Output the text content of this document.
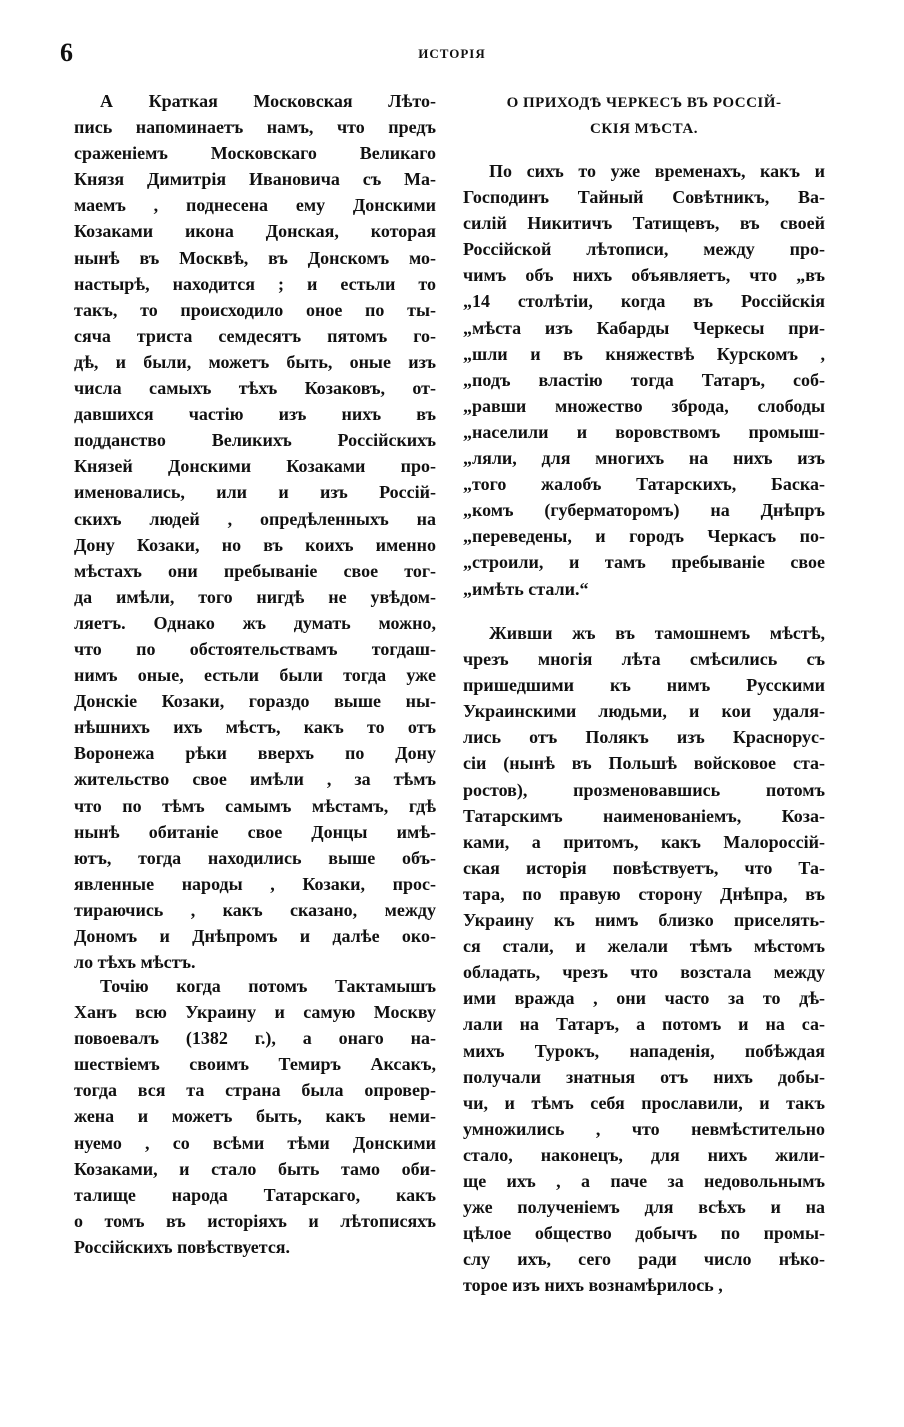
6	ИСТОРІЯ
А Краткая Московская Лѣто-
пись напоминаетъ намъ, что предъ
сраженіемъ Московскаго Великаго
Князя Димитрія Ивановича съ Ма-
маемъ , поднесена ему Донскими
Козаками икона Донская, которая
нынѣ въ Москвѣ, въ Донскомъ мо-
настырѣ, находится ; и естьли то
такъ, то происходило оное по ты-
сяча триста семдесятъ пятомъ го-
дѣ, и были, можетъ быть, оные изъ
числа самыхъ тѣхъ Козаковъ, от-
давшихся частію изъ нихъ въ
подданство Великихъ Россійскихъ
Князей Донскими Козаками про-
именовались, или и изъ Россій-
скихъ людей , опредѣленныхъ на
Дону Козаки, но въ коихъ именно
мѣстахъ они пребываніе свое тог-
да имѣли, того нигдѣ не увѣдом-
ляетъ. Однако жъ думать можно,
что по обстоятельствамъ тогдаш-
нимъ оные, естьли были тогда уже
Донскіе Козаки, гораздо выше ны-
нѣшнихъ ихъ мѣстъ, какъ то отъ
Воронежа рѣки вверхъ по Дону
жительство свое имѣли , за тѣмъ
что по тѣмъ самымъ мѣстамъ, гдѣ
нынѣ обитаніе свое Донцы имѣ-
ютъ, тогда находились выше объ-
явленные народы , Козаки, прос-
тираючись , какъ сказано, между
Дономъ и Днѣпромъ и далѣе око-
ло тѣхъ мѣстъ.
Точію когда потомъ Тактамышъ
Ханъ всю Украину и самую Москву
повоевалъ (1382 г.), а онаго на-
шествіемъ своимъ Темиръ Аксакъ,
тогда вся та страна была опровер-
жена и можетъ быть, какъ неми-
нуемо , со всѣми тѣми Донскими
Козаками, и стало быть тамо оби-
талище народа Татарскаго, какъ
о томъ въ исторіяхъ и лѣтописяхъ
Россійскихъ повѣствуется.
О ПРИХОДѢ ЧЕРКЕСЪ ВЪ РОССІЙ-
СКІЯ МѢСТА.
По сихъ то уже временахъ, какъ и
Господинъ Тайный Совѣтникъ, Ва-
силій Никитичъ Татищевъ, въ своей
Россійской лѣтописи, между про-
чимъ объ нихъ объявляетъ, что „въ
„14 столѣтіи, когда въ Россійскія
„мѣста изъ Кабарды Черкесы при-
„шли и въ княжествѣ Курскомъ ,
„подъ властію тогда Татаръ, соб-
„равши множество зброда, слободы
„населили и воровствомъ промыш-
„ляли, для многихъ на нихъ изъ
„того жалобъ Татарскихъ, Баска-
„комъ (губерматоромъ) на Днѣпръ
„переведены, и городъ Черкасъ по-
„строили, и тамъ пребываніе свое
„имѣть стали.“
Живши жъ въ тамошнемъ мѣстѣ,
чрезъ многія лѣта смѣсились съ
пришедшими къ нимъ Русскими
Украинскими людьми, и кои удаля-
лись отъ Полякъ изъ Красноруc-
сіи (нынѣ въ Польшѣ войсковое ста-
ростов), прозменовавшись потомъ
Татарскимъ наименованіемъ, Коза-
ками, а притомъ, какъ Малороссій-
ская исторія повѣствуетъ, что Та-
тара, по правую сторону Днѣпра, въ
Украину къ нимъ близко приселять-
ся стали, и желали тѣмъ мѣстомъ
обладать, чрезъ что возстала между
ими вражда , они часто за то дѣ-
лали на Татаръ, а потомъ и на са-
михъ Турокъ, нападенія, побѣждая
получали знатныя отъ нихъ добы-
чи, и тѣмъ себя прославили, и такъ
умножились , что невмѣстительно
стало, наконецъ, для нихъ жили-
ще ихъ , а паче за недовольнымъ
уже полученіемъ для всѣхъ и на
цѣлое общество добычъ по промы-
слу ихъ, сего ради число нѣко-
торое изъ нихъ вознамѣрилось ,
